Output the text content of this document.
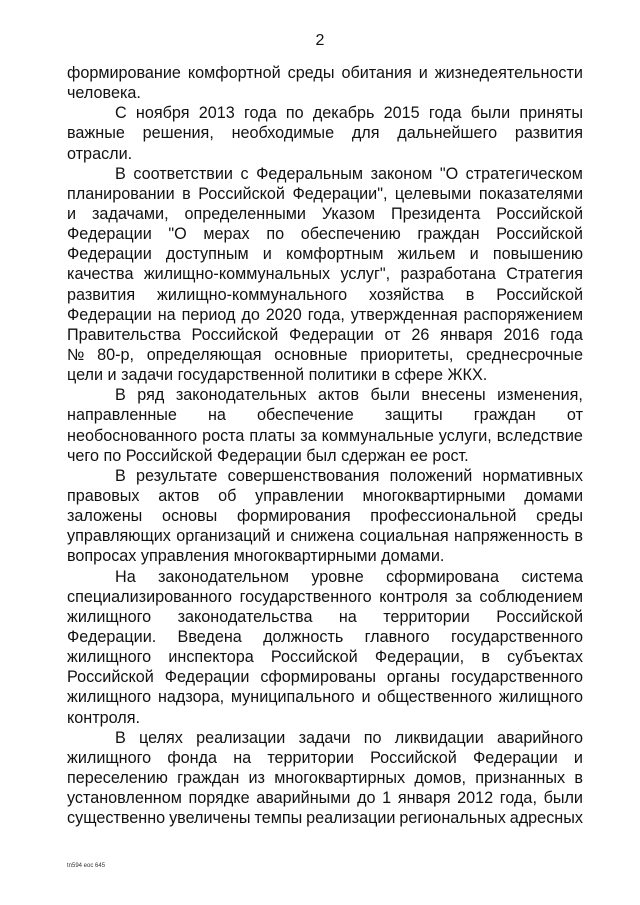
2
формирование комфортной среды обитания и жизнедеятельности
человека.
С ноября 2013 года по декабрь 2015 года были приняты
важные решения, необходимые для дальнейшего развития
отрасли.
В соответствии с Федеральным законом "О стратегическом
планировании в Российской Федерации", целевыми показателями
и задачами, определенными Указом Президента Российской
Федерации "О мерах по обеспечению граждан Российской
Федерации доступным и комфортным жильем и повышению
качества жилищно-коммунальных услуг", разработана Стратегия
развития жилищно-коммунального хозяйства в Российской
Федерации на период до 2020 года, утвержденная распоряжением
Правительства Российской Федерации от 26 января 2016 года
№ 80-р, определяющая основные приоритеты, среднесрочные
цели и задачи государственной политики в сфере ЖКХ.
В ряд законодательных актов были внесены изменения,
направленные на обеспечение защиты граждан от
необоснованного роста платы за коммунальные услуги, вследствие
чего по Российской Федерации был сдержан ее рост.
В результате совершенствования положений нормативных
правовых актов об управлении многоквартирными домами
заложены основы формирования профессиональной среды
управляющих организаций и снижена социальная напряженность в
вопросах управления многоквартирными домами.
На законодательном уровне сформирована система
специализированного государственного контроля за соблюдением
жилищного законодательства на территории Российской
Федерации. Введена должность главного государственного
жилищного инспектора Российской Федерации, в субъектах
Российской Федерации сформированы органы государственного
жилищного надзора, муниципального и общественного жилищного
контроля.
В целях реализации задачи по ликвидации аварийного
жилищного фонда на территории Российской Федерации и
переселению граждан из многоквартирных домов, признанных в
установленном порядке аварийными до 1 января 2012 года, были
существенно увеличены темпы реализации региональных адресных
tn594 eoc 645
